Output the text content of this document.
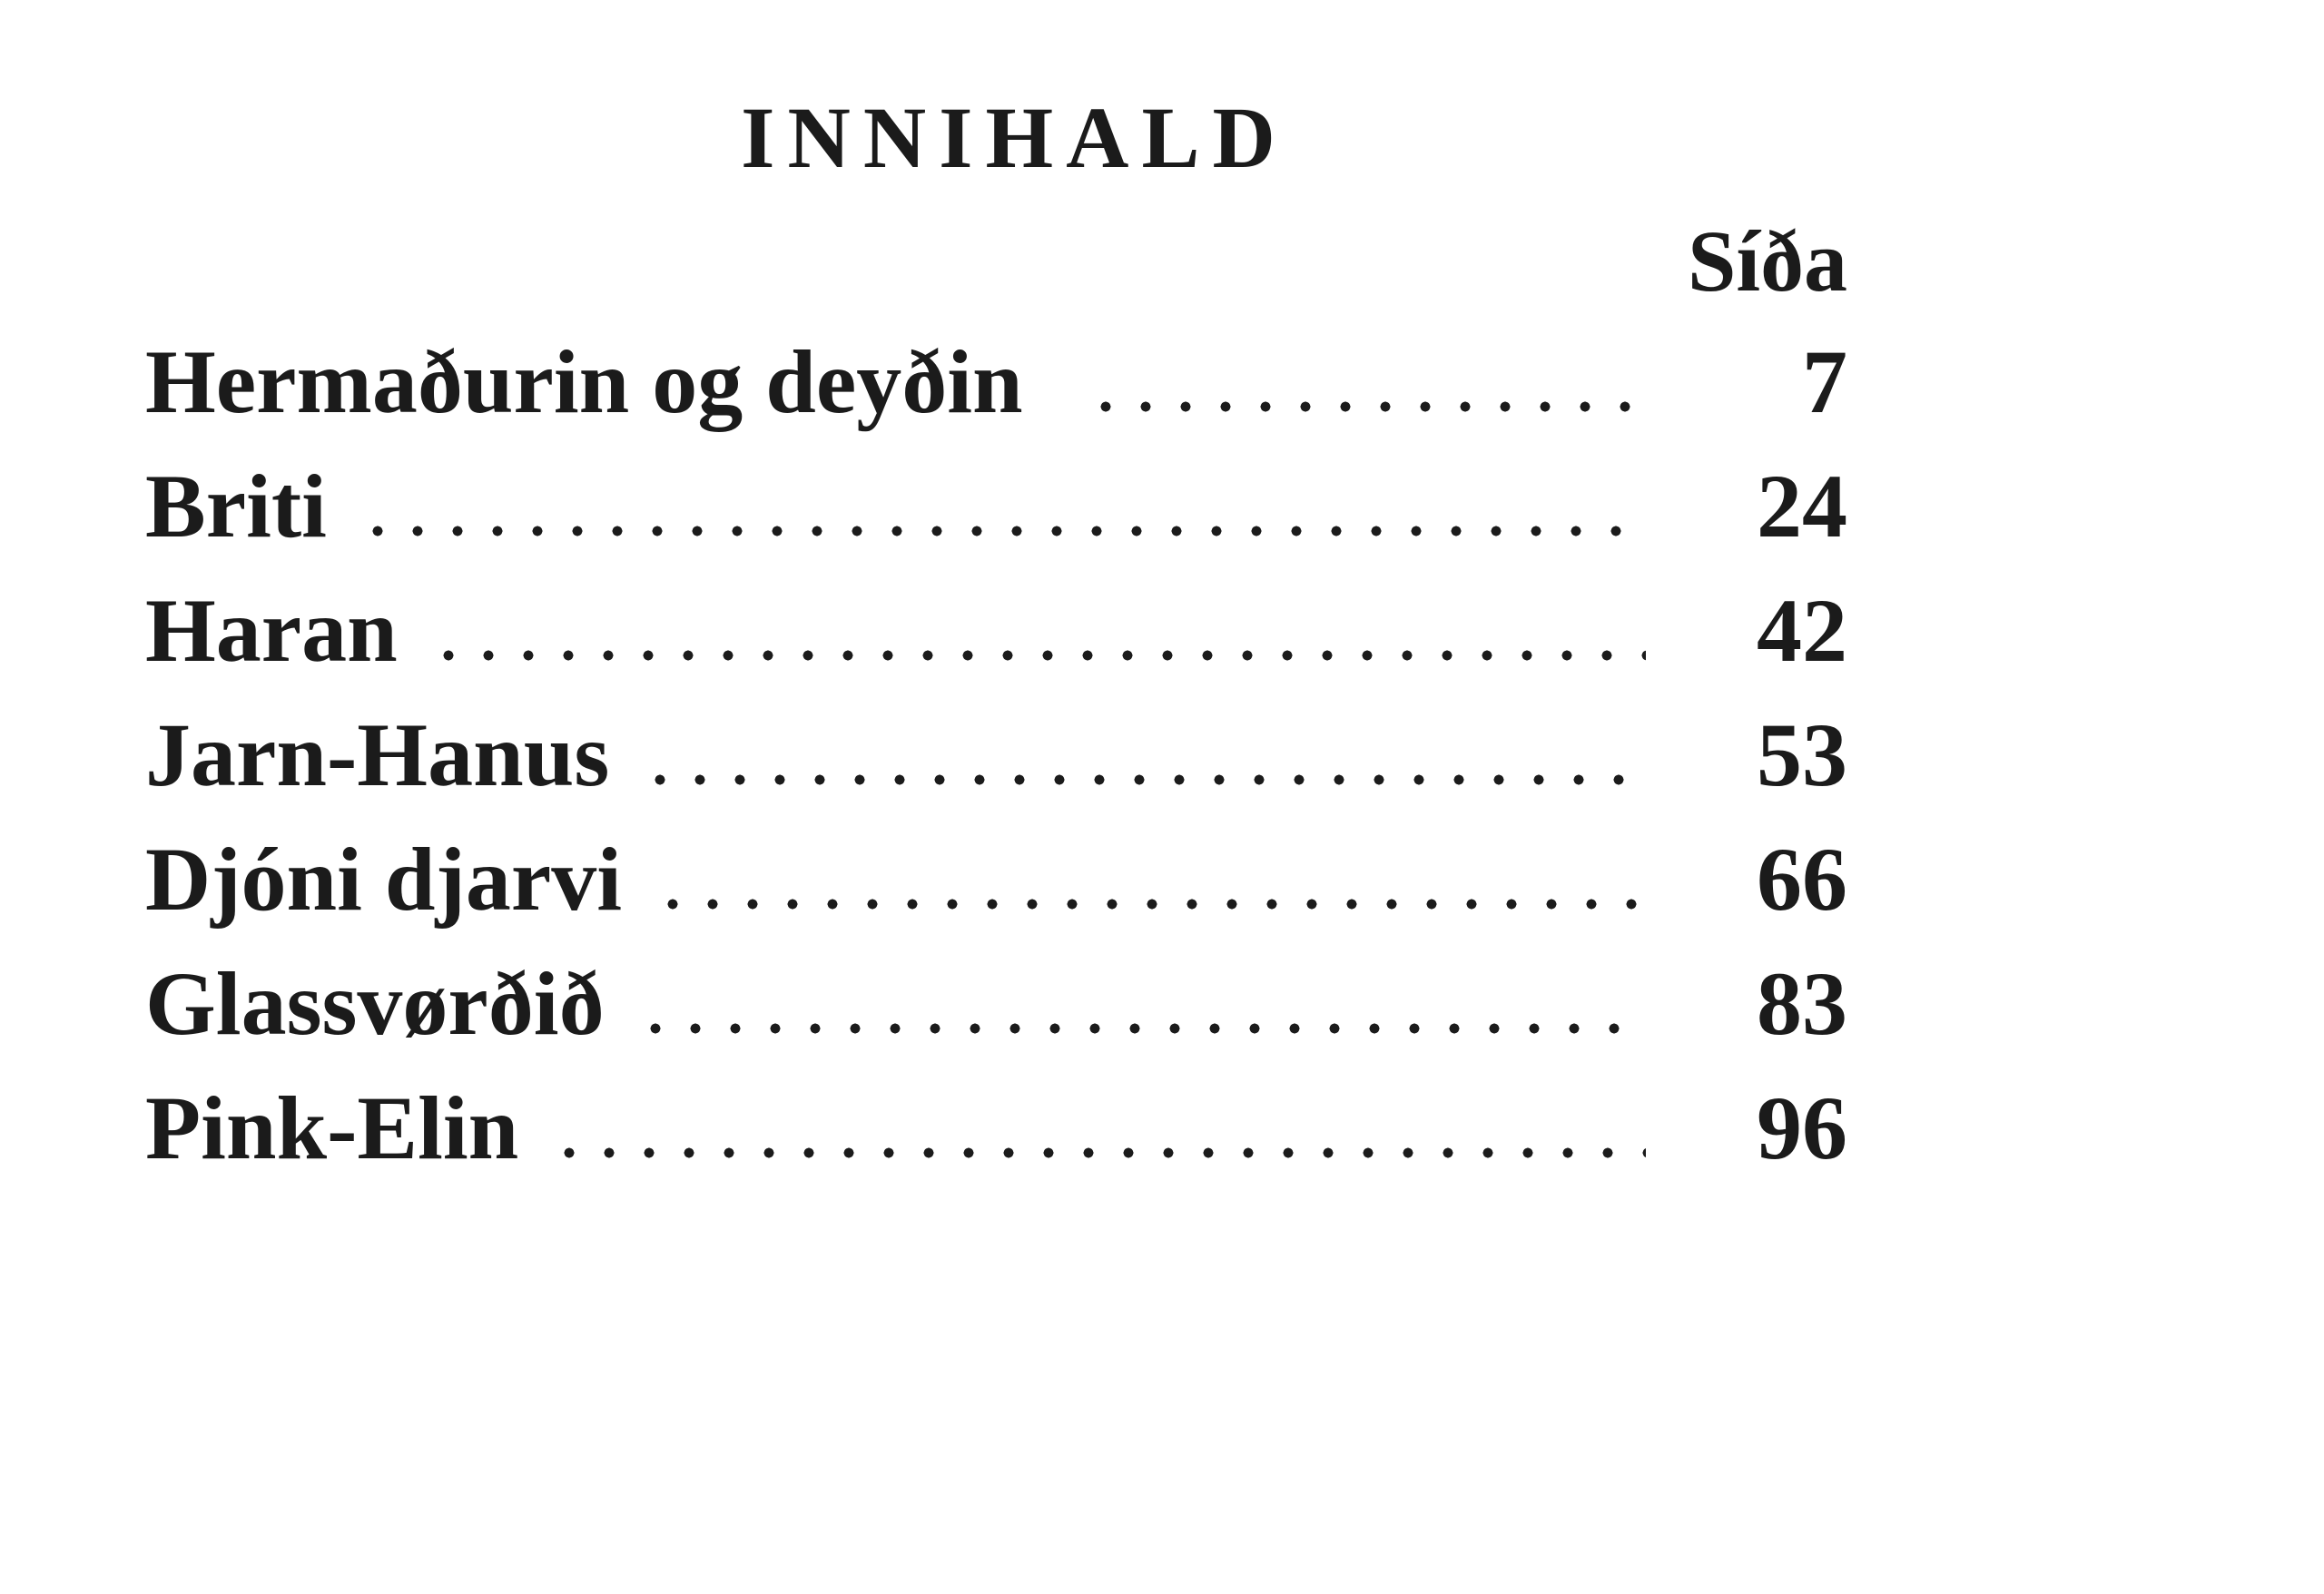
INNIHALD
Síða
Hermaðurin og deyðin	7
Briti	24
Haran	42
Jarn-Hanus	53
Djóni djarvi	66
Glassvørðið	83
Pink-Elin	96
